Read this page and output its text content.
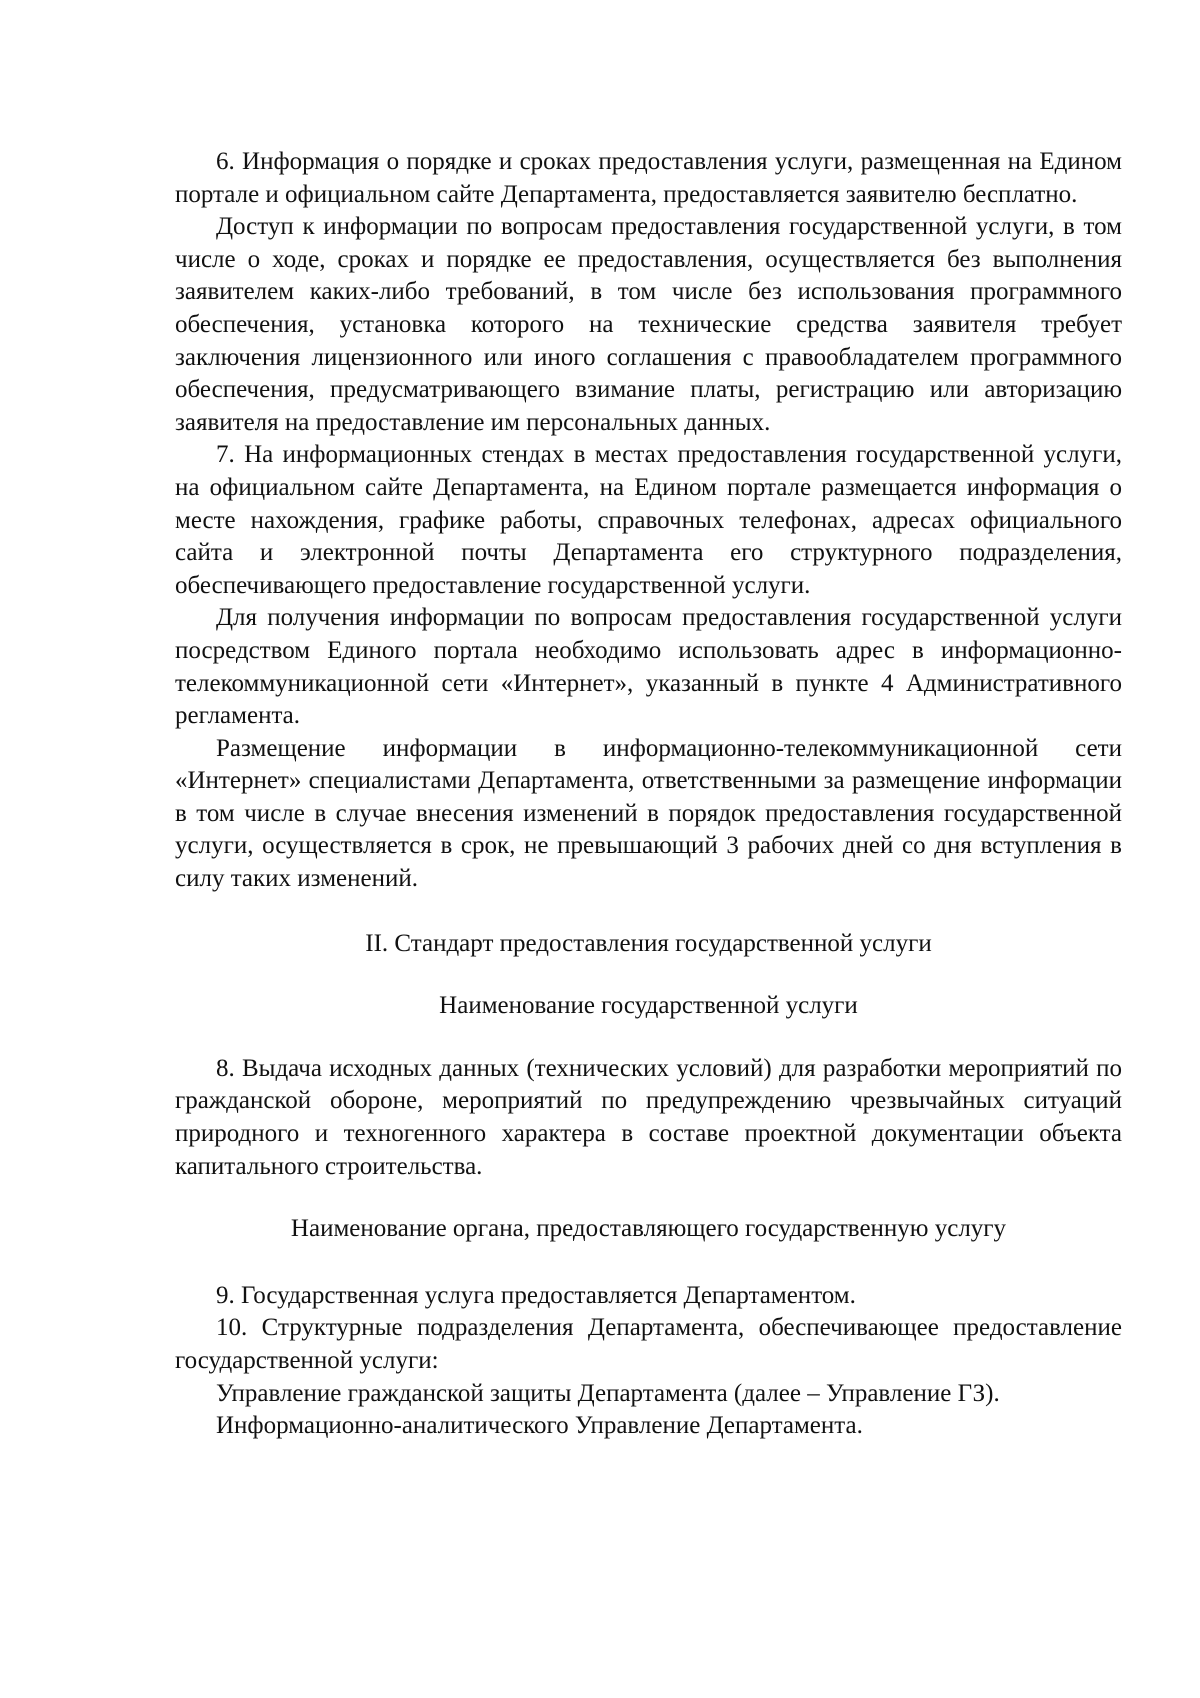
6. Информация о порядке и сроках предоставления услуги, размещенная на Едином портале и официальном сайте Департамента, предоставляется заявителю бесплатно.

Доступ к информации по вопросам предоставления государственной услуги, в том числе о ходе, сроках и порядке ее предоставления, осуществляется без выполнения заявителем каких-либо требований, в том числе без использования программного обеспечения, установка которого на технические средства заявителя требует заключения лицензионного или иного соглашения с правообладателем программного обеспечения, предусматривающего взимание платы, регистрацию или авторизацию заявителя на предоставление им персональных данных.

7. На информационных стендах в местах предоставления государственной услуги, на официальном сайте Департамента, на Едином портале размещается информация о месте нахождения, графике работы, справочных телефонах, адресах официального сайта и электронной почты Департамента его структурного подразделения, обеспечивающего предоставление государственной услуги.

Для получения информации по вопросам предоставления государственной услуги посредством Единого портала необходимо использовать адрес в информационно-телекоммуникационной сети «Интернет», указанный в пункте 4 Административного регламента.

Размещение информации в информационно-телекоммуникационной сети «Интернет» специалистами Департамента, ответственными за размещение информации в том числе в случае внесения изменений в порядок предоставления государственной услуги, осуществляется в срок, не превышающий 3 рабочих дней со дня вступления в силу таких изменений.

II. Стандарт предоставления государственной услуги

Наименование государственной услуги

8. Выдача исходных данных (технических условий) для разработки мероприятий по гражданской обороне, мероприятий по предупреждению чрезвычайных ситуаций природного и техногенного характера в составе проектной документации объекта капитального строительства.

Наименование органа, предоставляющего государственную услугу

9. Государственная услуга предоставляется Департаментом.

10. Структурные подразделения Департамента, обеспечивающее предоставление государственной услуги:

Управление гражданской защиты Департамента (далее – Управление ГЗ).

Информационно-аналитического Управление Департамента.
